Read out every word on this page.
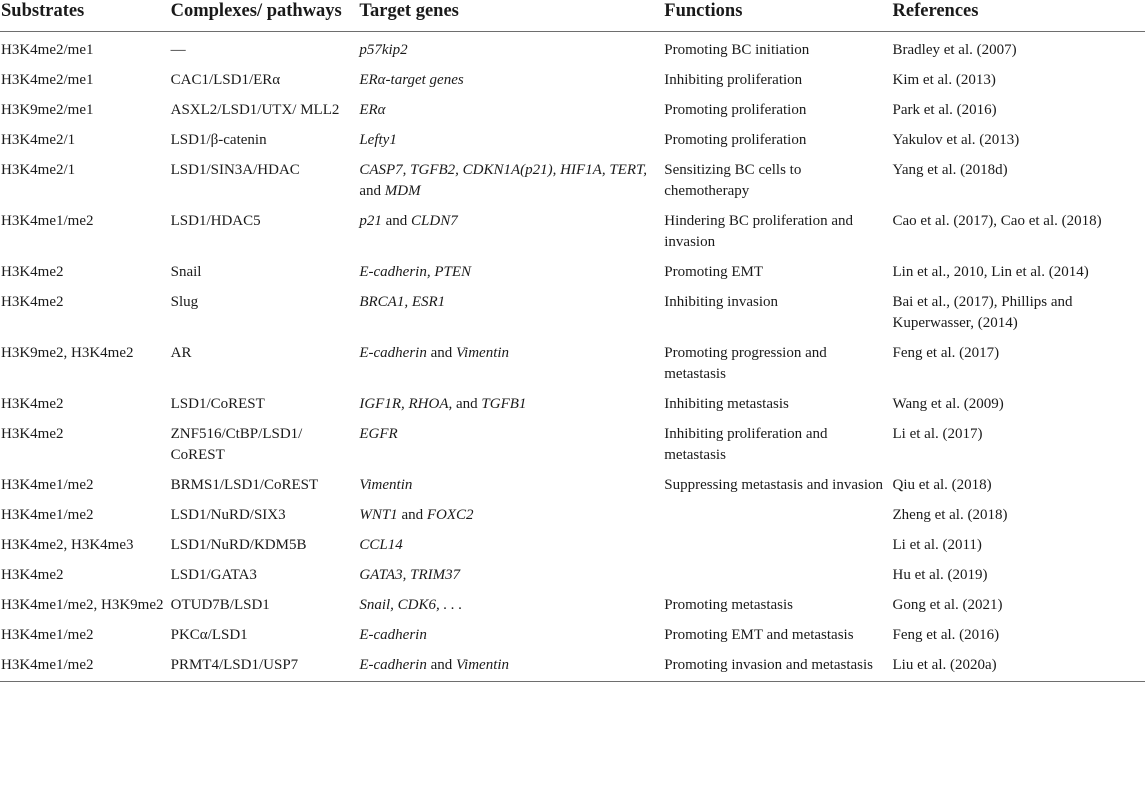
Substrates	Complexes/ pathways	Target genes	Functions	References
H3K4me2/me1	—	p57kip2	Promoting BC initiation	Bradley et al. (2007)
H3K4me2/me1	CAC1/LSD1/ERα	ERα-target genes	Inhibiting proliferation	Kim et al. (2013)
H3K9me2/me1	ASXL2/LSD1/UTX/ MLL2	ERα	Promoting proliferation	Park et al. (2016)
H3K4me2/1	LSD1/β-catenin	Lefty1	Promoting proliferation	Yakulov et al. (2013)
H3K4me2/1	LSD1/SIN3A/HDAC	CASP7, TGFB2, CDKN1A(p21), HIF1A, TERT, and MDM	Sensitizing BC cells to chemotherapy	Yang et al. (2018d)
H3K4me1/me2	LSD1/HDAC5	p21 and CLDN7	Hindering BC proliferation and invasion	Cao et al. (2017), Cao et al. (2018)
H3K4me2	Snail	E-cadherin, PTEN	Promoting EMT	Lin et al., 2010, Lin et al. (2014)
H3K4me2	Slug	BRCA1, ESR1	Inhibiting invasion	Bai et al., (2017), Phillips and Kuperwasser, (2014)
H3K9me2, H3K4me2	AR	E-cadherin and Vimentin	Promoting progression and metastasis	Feng et al. (2017)
H3K4me2	LSD1/CoREST	IGF1R, RHOA, and TGFB1	Inhibiting metastasis	Wang et al. (2009)
H3K4me2	ZNF516/CtBP/LSD1/ CoREST	EGFR	Inhibiting proliferation and metastasis	Li et al. (2017)
H3K4me1/me2	BRMS1/LSD1/CoREST	Vimentin	Suppressing metastasis and invasion	Qiu et al. (2018)
H3K4me1/me2	LSD1/NuRD/SIX3	WNT1 and FOXC2		Zheng et al. (2018)
H3K4me2, H3K4me3	LSD1/NuRD/KDM5B	CCL14		Li et al. (2011)
H3K4me2	LSD1/GATA3	GATA3, TRIM37		Hu et al. (2019)
H3K4me1/me2, H3K9me2	OTUD7B/LSD1	Snail, CDK6, . . .	Promoting metastasis	Gong et al. (2021)
H3K4me1/me2	PKCα/LSD1	E-cadherin	Promoting EMT and metastasis	Feng et al. (2016)
H3K4me1/me2	PRMT4/LSD1/USP7	E-cadherin and Vimentin	Promoting invasion and metastasis	Liu et al. (2020a)
